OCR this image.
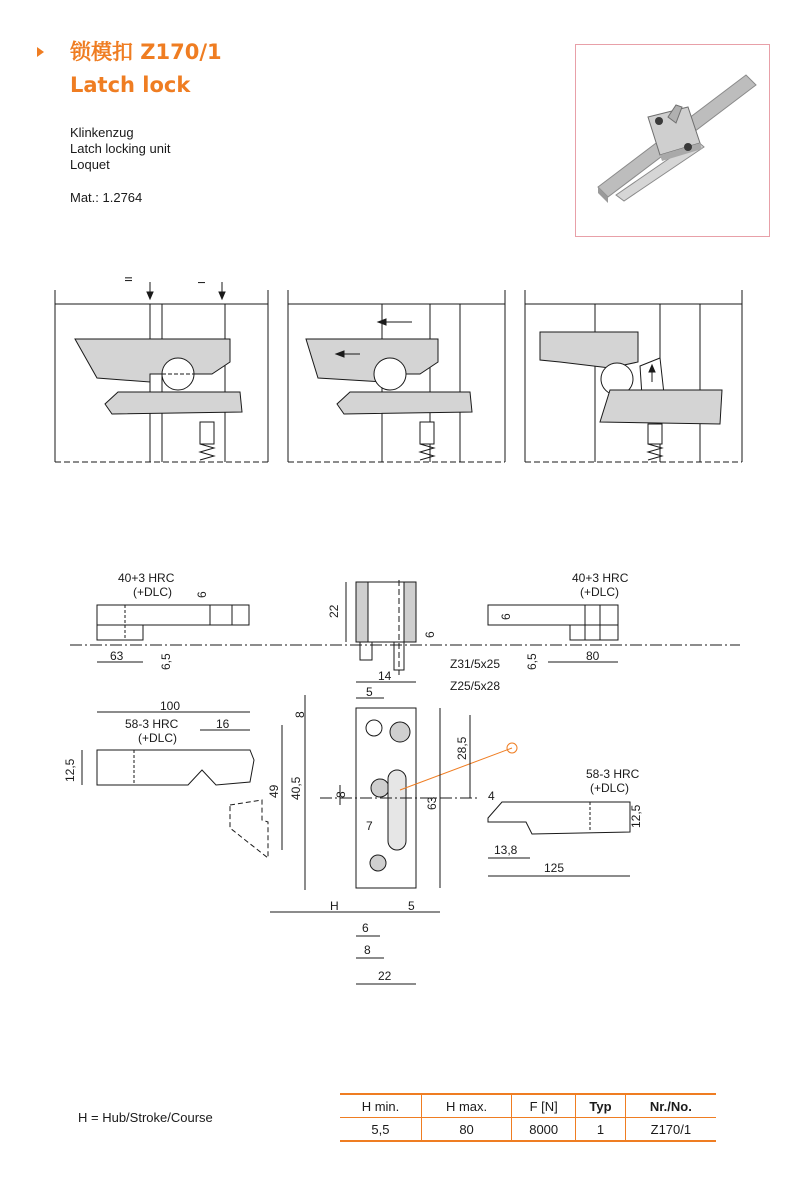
锁模扣 Z170/1
Latch lock
Klinkenzug
Latch locking unit
Loquet
Mat.: 1.2764
II
I
40+3 HRC
(+DLC)
40+3 HRC
(+DLC)
63	80
6,5	6,5
6
6
6
22
Z31/5x25
Z25/5x28
14
5
8
100
16
58-3 HRC
(+DLC)
12,5
49 40,5
28,5
63
8
7
58-3 HRC
(+DLC)
4
12,5
13,8
125
H	5
6
8
22
H = Hub/Stroke/Course
H min.	H max.	F [N]	Typ	Nr./No.
5,5	80	8000	1	Z170/1
